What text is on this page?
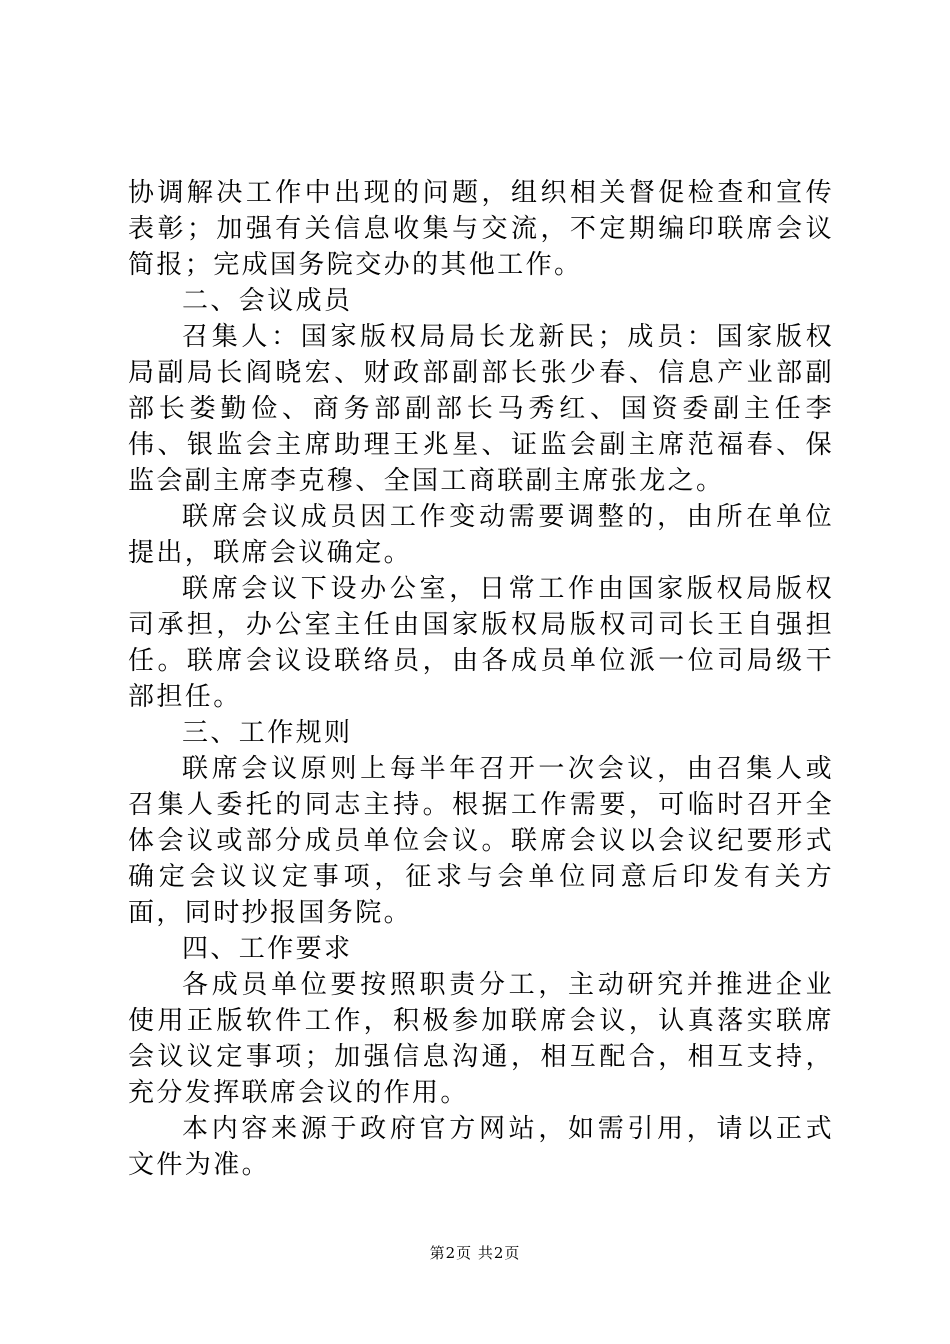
协调解决工作中出现的问题，组织相关督促检查和宣传表彰；加强有关信息收集与交流，不定期编印联席会议简报；完成国务院交办的其他工作。

二、会议成员

召集人：国家版权局局长龙新民；成员：国家版权局副局长阎晓宏、财政部副部长张少春、信息产业部副部长娄勤俭、商务部副部长马秀红、国资委副主任李伟、银监会主席助理王兆星、证监会副主席范福春、保监会副主席李克穆、全国工商联副主席张龙之。

联席会议成员因工作变动需要调整的，由所在单位提出，联席会议确定。

联席会议下设办公室，日常工作由国家版权局版权司承担，办公室主任由国家版权局版权司司长王自强担任。联席会议设联络员，由各成员单位派一位司局级干部担任。

三、工作规则

联席会议原则上每半年召开一次会议，由召集人或召集人委托的同志主持。根据工作需要，可临时召开全体会议或部分成员单位会议。联席会议以会议纪要形式确定会议议定事项，征求与会单位同意后印发有关方面，同时抄报国务院。

四、工作要求

各成员单位要按照职责分工，主动研究并推进企业使用正版软件工作，积极参加联席会议，认真落实联席会议议定事项；加强信息沟通，相互配合，相互支持，充分发挥联席会议的作用。

本内容来源于政府官方网站，如需引用，请以正式文件为准。

第2页 共2页
